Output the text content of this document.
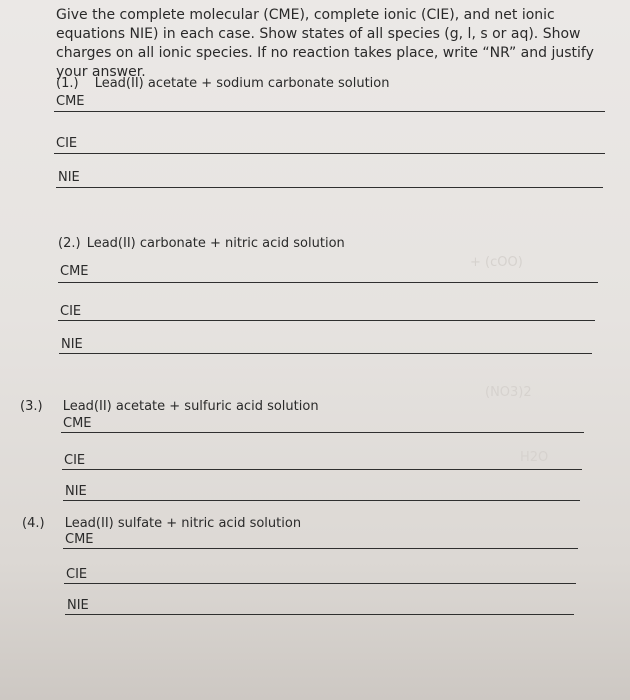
+ (cOO)
(NO3)2
H2O
Give the complete molecular (CME), complete ionic (CIE), and net ionic equations NIE) in each case. Show states of all species (g, l, s or aq). Show charges on all ionic species. If no reaction takes place, write “NR” and justify your answer.
(1.) Lead(II) acetate + sodium carbonate solution
CME
CIE
NIE
(2.) Lead(II) carbonate + nitric acid solution
CME
CIE
NIE
(3.) Lead(II) acetate + sulfuric acid solution
CME
CIE
NIE
(4.) Lead(II) sulfate + nitric acid solution
CME
CIE
NIE
